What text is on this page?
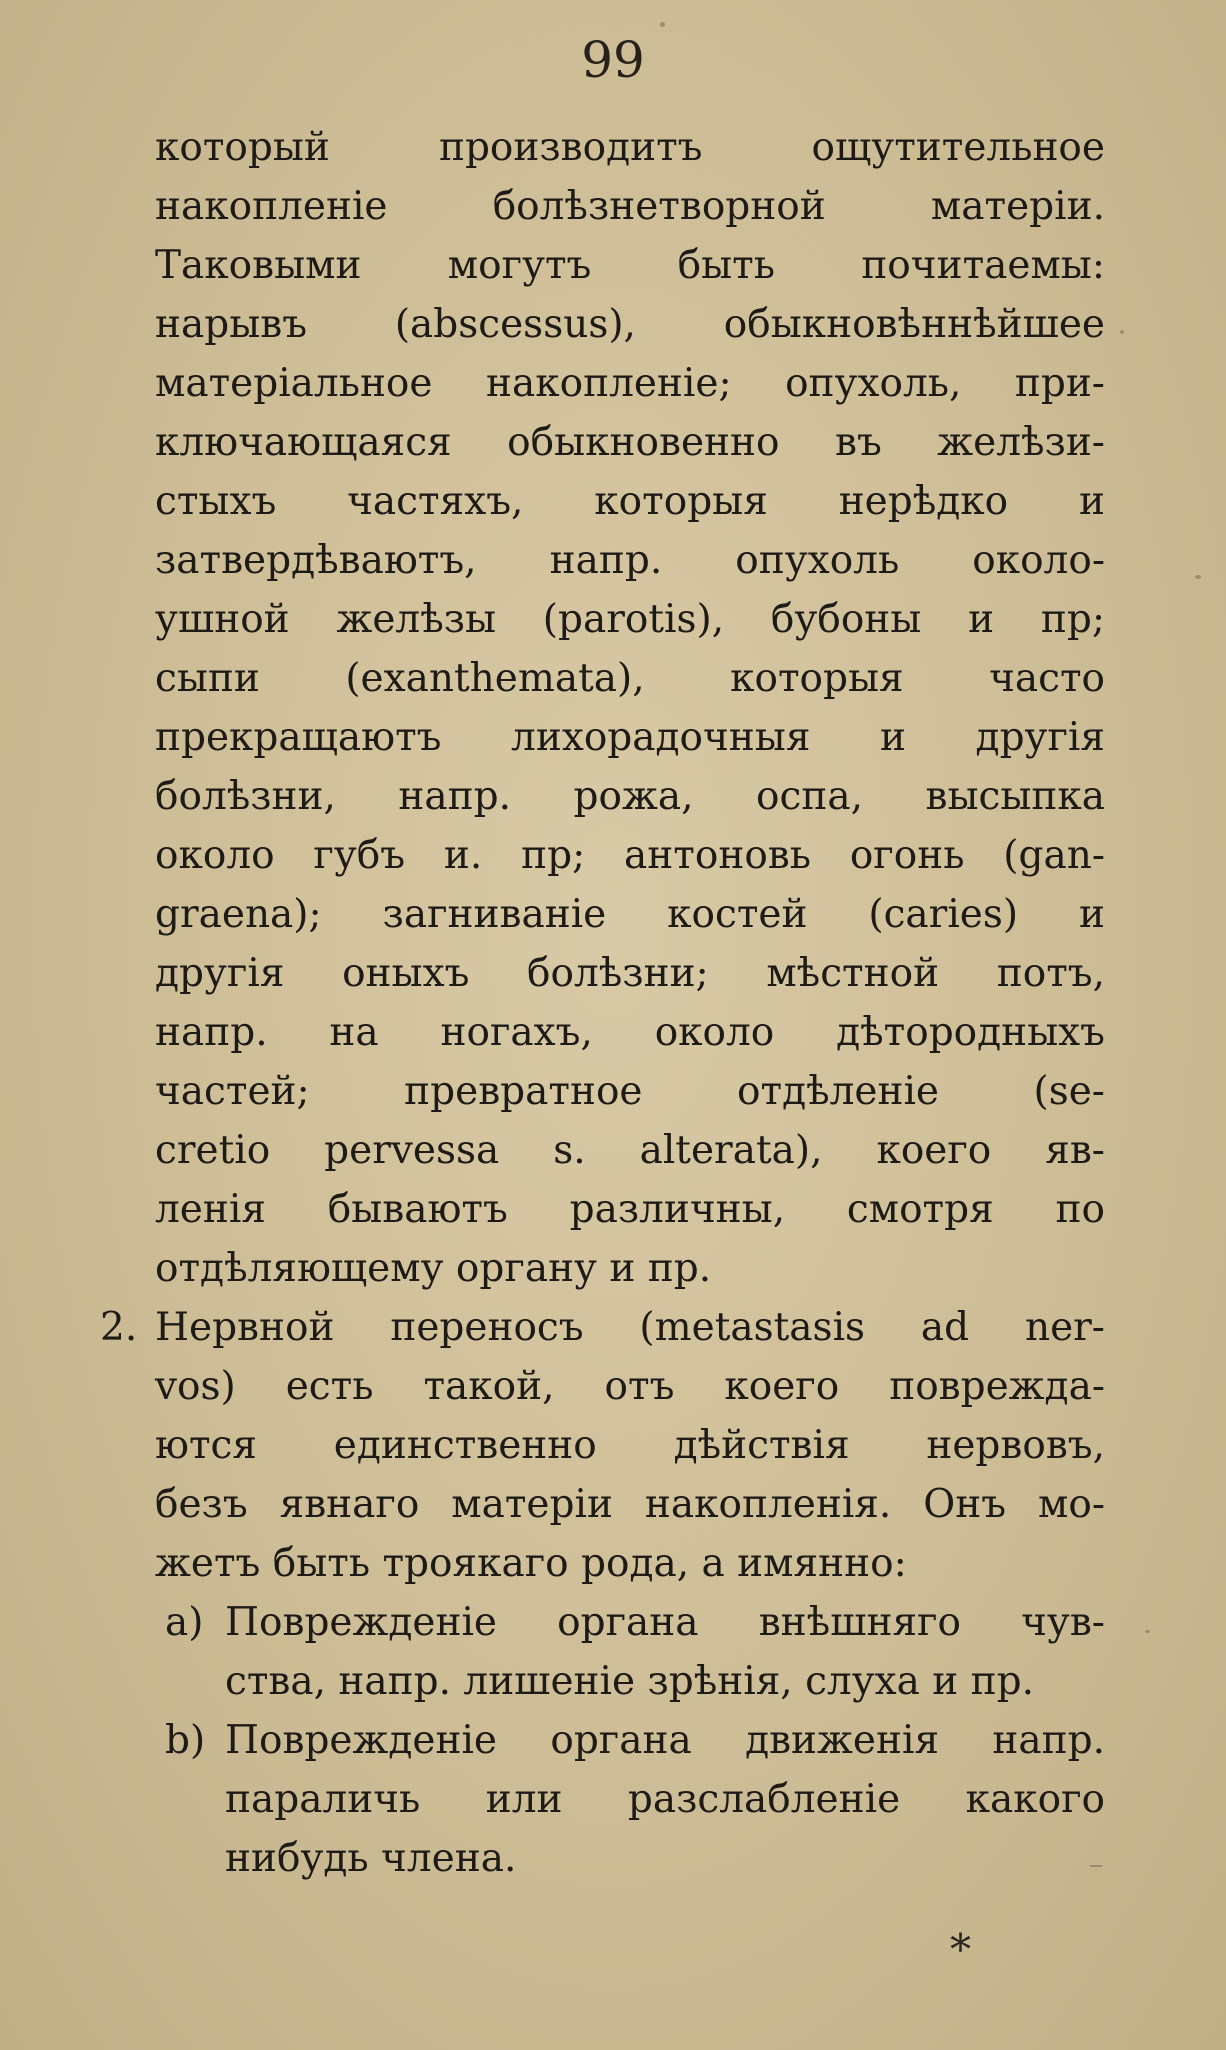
99
который производитъ ощутительное
накопленіе болѣзнетворной матеріи.
Таковыми могутъ быть почитаемы:
нарывъ (abscessus), обыкновѣннѣйшее
матеріальное накопленіе; опухоль, при-
ключающаяся обыкновенно въ желѣзи-
стыхъ частяхъ, которыя нерѣдко и
затвердѣваютъ, напр. опухоль около-
ушной желѣзы (parotis), бубоны и пр;
сыпи (exanthemata), которыя часто
прекращаютъ лихорадочныя и другія
болѣзни, напр. рожа, оспа, высыпка
около губъ и. пр; антоновь огонь (gan-
graena); загниваніе костей (caries) и
другія оныхъ болѣзни; мѣстной потъ,
напр. на ногахъ, около дѣтородныхъ
частей; превратное отдѣленіе (se-
cretio pervessa s. alterata), коего яв-
ленія бываютъ различны, смотря по
отдѣляющему органу и пр.
2. Нервной переносъ (metastasis ad ner-
vos) есть такой, отъ коего повреждa-
ются единственно дѣйствія нервовъ,
безъ явнаго матеріи накопленія. Онъ мо-
жетъ быть троякаго рода, а имянно:
a) Поврежденіе органа внѣшняго чув-
ства, напр. лишеніе зрѣнія, слуха и пр.
b) Поврежденіе органа движенія напр.
параличь или разслабленіе какого
нибудь члена.
*
